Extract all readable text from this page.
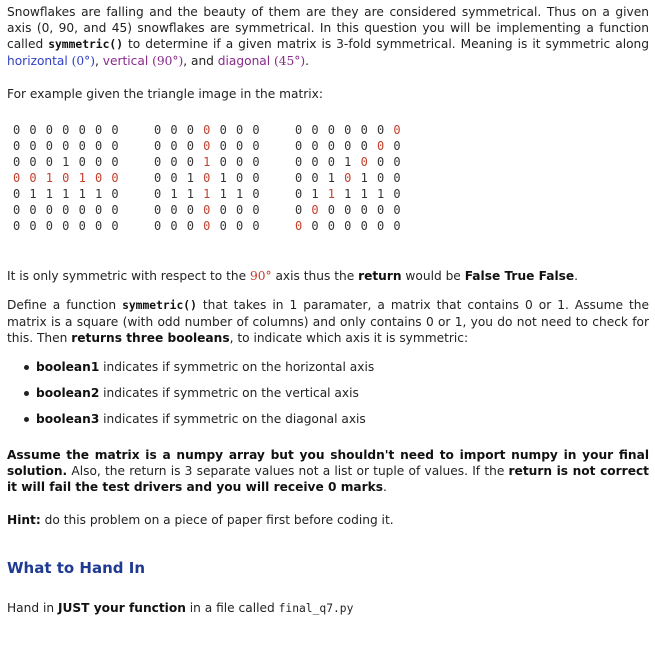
Snowflakes are falling and the beauty of them are they are considered symmetrical. Thus on a given axis (0, 90, and 45) snowflakes are symmetrical. In this question you will be implementing a function called symmetric() to determine if a given matrix is 3-fold symmetrical. Meaning is it symmetric along horizontal (0°), vertical (90°), and diagonal (45°).

For example given the triangle image in the matrix:

0 0 0 0 0 0 0
0 0 0 0 0 0 0
0 0 0 1 0 0 0
0 0 1 0 1 0 0
0 1 1 1 1 1 0
0 0 0 0 0 0 0
0 0 0 0 0 0 0
0 0 0 0 0 0 0
0 0 0 0 0 0 0
0 0 0 1 0 0 0
0 0 1 0 1 0 0
0 1 1 1 1 1 0
0 0 0 0 0 0 0
0 0 0 0 0 0 0
0 0 0 0 0 0 0
0 0 0 0 0 0 0
0 0 0 1 0 0 0
0 0 1 0 1 0 0
0 1 1 1 1 1 0
0 0 0 0 0 0 0
0 0 0 0 0 0 0

It is only symmetric with respect to the 90° axis thus the return would be False True False.

Define a function symmetric() that takes in 1 paramater, a matrix that contains 0 or 1. Assume the matrix is a square (with odd number of columns) and only contains 0 or 1, you do not need to check for this. Then returns three booleans, to indicate which axis it is symmetric:

boolean1 indicates if symmetric on the horizontal axis
boolean2 indicates if symmetric on the vertical axis
boolean3 indicates if symmetric on the diagonal axis

Assume the matrix is a numpy array but you shouldn't need to import numpy in your final solution. Also, the return is 3 separate values not a list or tuple of values. If the return is not correct it will fail the test drivers and you will receive 0 marks.

Hint: do this problem on a piece of paper first before coding it.

What to Hand In

Hand in JUST your function in a file called final_q7.py
